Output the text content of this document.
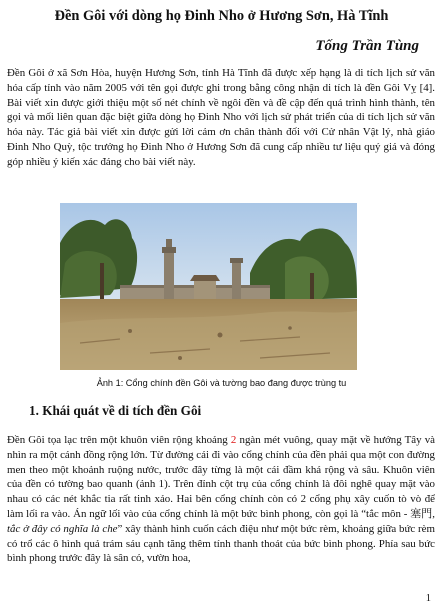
Đền Gôi với dòng họ Đinh Nho ở Hương Sơn, Hà Tĩnh
Tống Trần Tùng

Đền Gôi ở xã Sơn Hòa, huyện Hương Sơn, tỉnh Hà Tĩnh đã được xếp hạng là di tích lịch sử văn hóa cấp tỉnh vào năm 2005 với tên gọi được ghi trong bằng công nhận di tích là đền Gôi Vỵ [4]. Bài viết xin được giới thiệu một số nét chính về ngôi đền và đề cập đến quá trình hình thành, tên gọi và mối liên quan đặc biệt giữa dòng họ Đinh Nho với lịch sử phát triển của di tích lịch sử văn hóa này. Tác giả bài viết xin được gửi lời cảm ơn chân thành đối với Cử nhân Vật lý, nhà giáo Đinh Nho Quỳ, tộc trưởng họ Đinh Nho ở Hương Sơn đã cung cấp nhiều tư liệu quý giá và đóng góp nhiều ý kiến xác đáng cho bài viết này.

Ảnh 1: Cổng chính đền Gôi và tường bao đang được trùng tu
1. Khái quát về di tích đền Gôi

Đền Gôi tọa lạc trên một khuôn viên rộng khoảng 2 ngàn mét vuông, quay mặt về hướng Tây và nhìn ra một cánh đồng rộng lớn. Từ đường cái đi vào cổng chính của đền phải qua một con đường men theo một khoảnh ruộng nước, trước đây từng là một cái đầm khá rộng và sâu. Khuôn viên của đền có tường bao quanh (ảnh 1). Trên đỉnh cột trụ của cổng chính là đôi nghê quay mặt vào nhau có các nét khắc tia rất tinh xảo. Hai bên cổng chính còn có 2 cổng phụ xây cuốn tò vò để làm lối ra vào. Án ngữ lối vào của cổng chính là một bức bình phong, còn gọi là “tắc môn - 塞門, tắc ở đây có nghĩa là che” xây thành hình cuốn cách điệu như một bức rèm, khoảng giữa bức rèm có trổ các ô hình quả trám sáu cạnh tăng thêm tính thanh thoát của bức bình phong. Phía sau bức bình phong trước đây là sân cỏ, vườn hoa,

1
